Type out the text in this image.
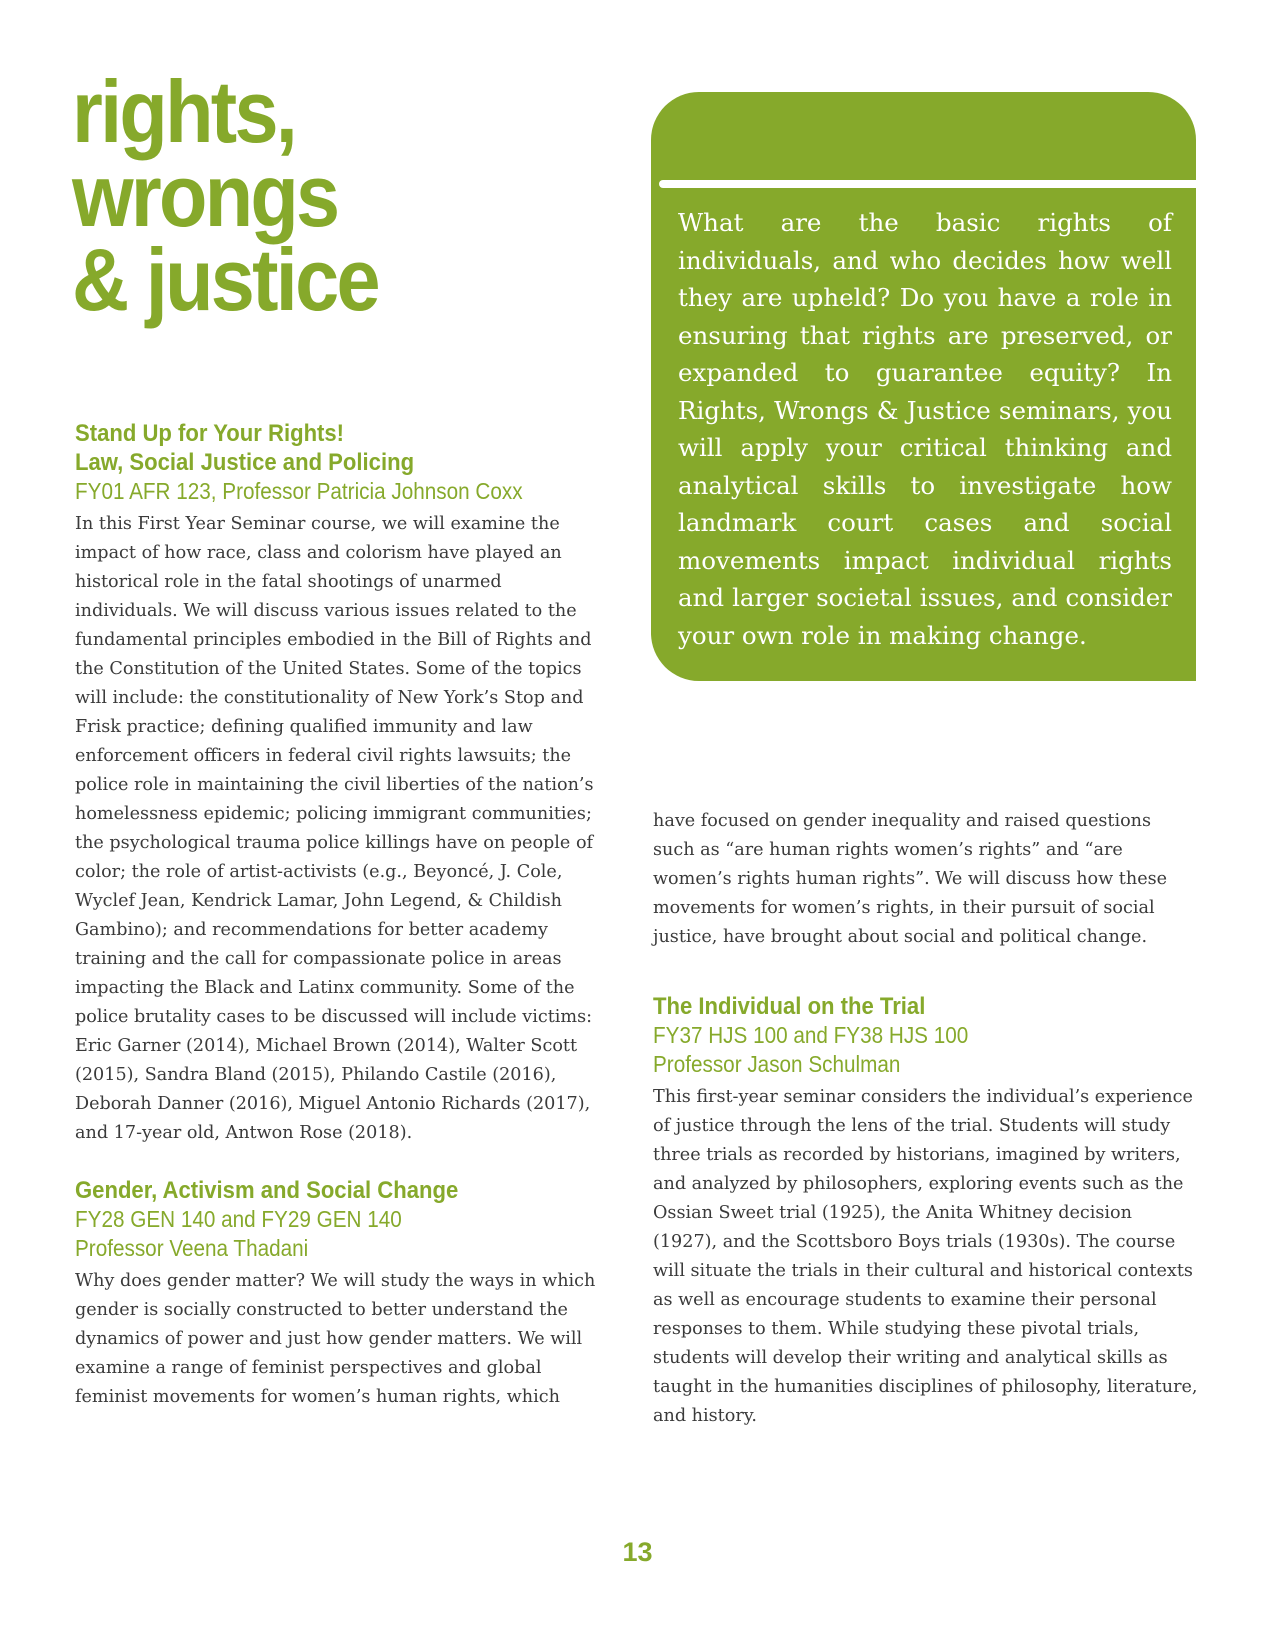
rights,
wrongs
& justice

What are the basic rights of individuals, and who decides how well they are upheld? Do you have a role in ensuring that rights are preserved, or expanded to guarantee equity? In Rights, Wrongs & Justice seminars, you will apply your critical thinking and analytical skills to investigate how landmark court cases and social movements impact individual rights and larger societal issues, and consider your own role in making change.

Stand Up for Your Rights!
Law, Social Justice and Policing

FY01 AFR 123, Professor Patricia Johnson Coxx

In this First Year Seminar course, we will examine the impact of how race, class and colorism have played an historical role in the fatal shootings of unarmed individuals. We will discuss various issues related to the fundamental principles embodied in the Bill of Rights and the Constitution of the United States. Some of the topics will include: the constitutionality of New York’s Stop and Frisk practice; defining qualified immunity and law enforcement officers in federal civil rights lawsuits; the police role in maintaining the civil liberties of the nation’s homelessness epidemic; policing immigrant communities; the psychological trauma police killings have on people of color; the role of artist-activists (e.g., Beyoncé, J. Cole, Wyclef Jean, Kendrick Lamar, John Legend, & Childish Gambino); and recommendations for better academy training and the call for compassionate police in areas impacting the Black and Latinx community. Some of the police brutality cases to be discussed will include victims: Eric Garner (2014), Michael Brown (2014), Walter Scott (2015), Sandra Bland (2015), Philando Castile (2016), Deborah Danner (2016), Miguel Antonio Richards (2017), and 17-year old, Antwon Rose (2018).

Gender, Activism and Social Change

FY28 GEN 140 and FY29 GEN 140

Professor Veena Thadani

Why does gender matter? We will study the ways in which gender is socially constructed to better understand the dynamics of power and just how gender matters. We will examine a range of feminist perspectives and global feminist movements for women’s human rights, which

have focused on gender inequality and raised questions such as “are human rights women’s rights” and “are women’s rights human rights”. We will discuss how these movements for women’s rights, in their pursuit of social justice, have brought about social and political change.

The Individual on the Trial

FY37 HJS 100 and FY38 HJS 100

Professor Jason Schulman

This first-year seminar considers the individual’s experience of justice through the lens of the trial. Students will study three trials as recorded by historians, imagined by writers, and analyzed by philosophers, exploring events such as the Ossian Sweet trial (1925), the Anita Whitney decision (1927), and the Scottsboro Boys trials (1930s). The course will situate the trials in their cultural and historical contexts as well as encourage students to examine their personal responses to them. While studying these pivotal trials, students will develop their writing and analytical skills as taught in the humanities disciplines of philosophy, literature, and history.

13
